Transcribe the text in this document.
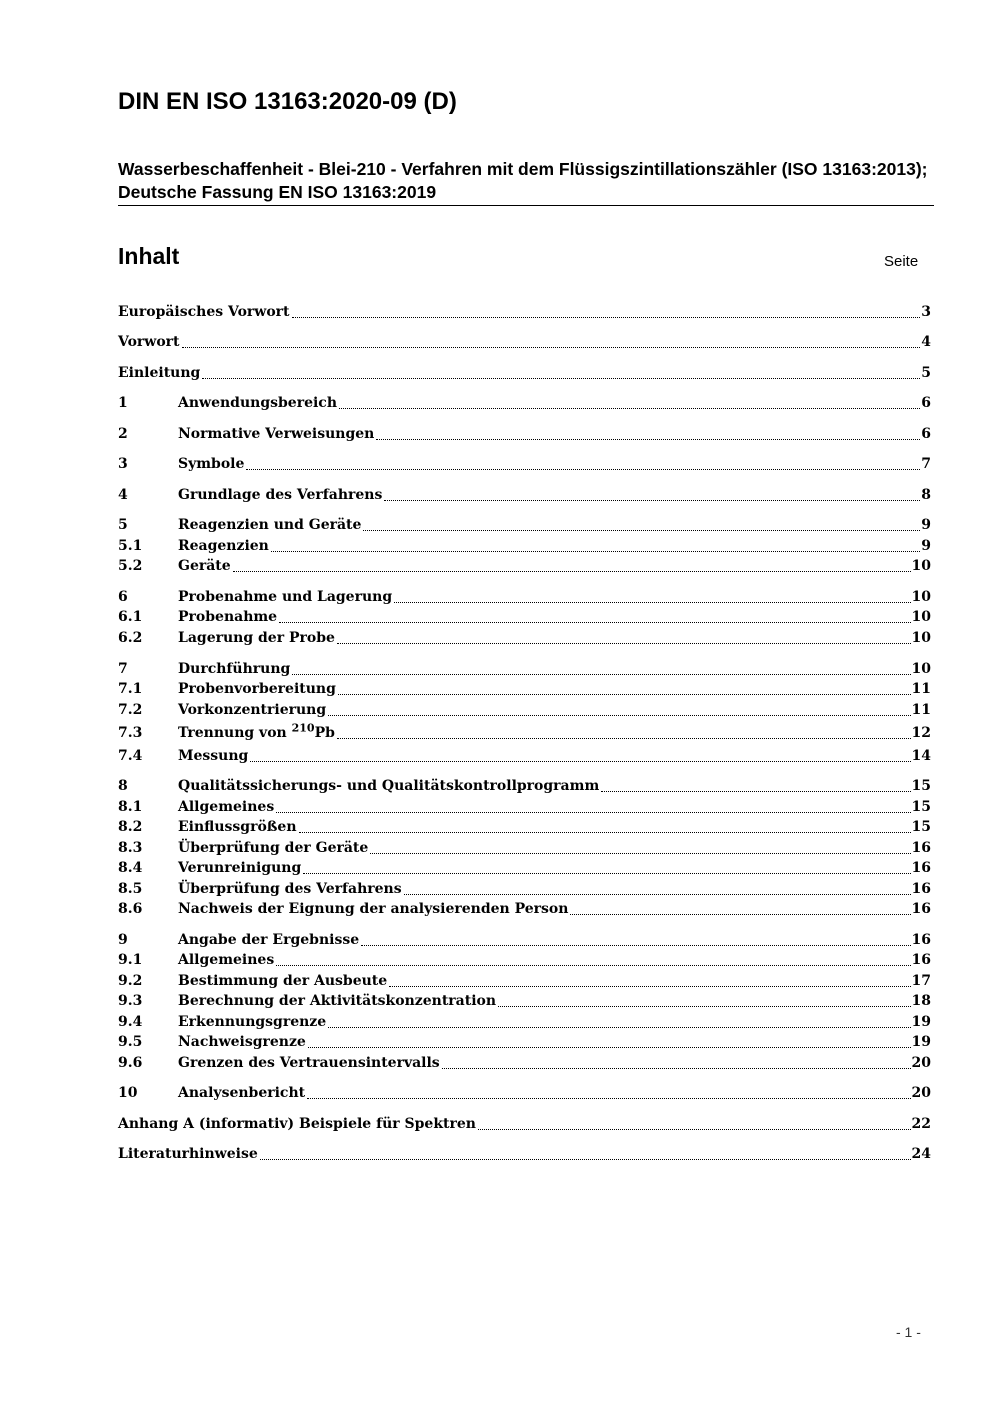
DIN EN ISO 13163:2020-09 (D)

Wasserbeschaffenheit - Blei-210 - Verfahren mit dem Flüssigszintillationszähler (ISO 13163:2013); Deutsche Fassung EN ISO 13163:2019

Inhalt	Seite
Europäisches Vorwort	3
Vorwort	4
Einleitung	5
1	Anwendungsbereich	6
2	Normative Verweisungen	6
3	Symbole	7
4	Grundlage des Verfahrens	8
5	Reagenzien und Geräte	9
5.1	Reagenzien	9
5.2	Geräte	10
6	Probenahme und Lagerung	10
6.1	Probenahme	10
6.2	Lagerung der Probe	10
7	Durchführung	10
7.1	Probenvorbereitung	11
7.2	Vorkonzentrierung	11
7.3	Trennung von $^{210}$Pb	12
7.4	Messung	14
8	Qualitätssicherungs- und Qualitätskontrollprogramm	15
8.1	Allgemeines	15
8.2	Einflussgrößen	15
8.3	Überprüfung der Geräte	16
8.4	Verunreinigung	16
8.5	Überprüfung des Verfahrens	16
8.6	Nachweis der Eignung der analysierenden Person	16
9	Angabe der Ergebnisse	16
9.1	Allgemeines	16
9.2	Bestimmung der Ausbeute	17
9.3	Berechnung der Aktivitätskonzentration	18
9.4	Erkennungsgrenze	19
9.5	Nachweisgrenze	19
9.6	Grenzen des Vertrauensintervalls	20
10	Analysenbericht	20
Anhang A (informativ) Beispiele für Spektren	22
Literaturhinweise	24
- 1 -
